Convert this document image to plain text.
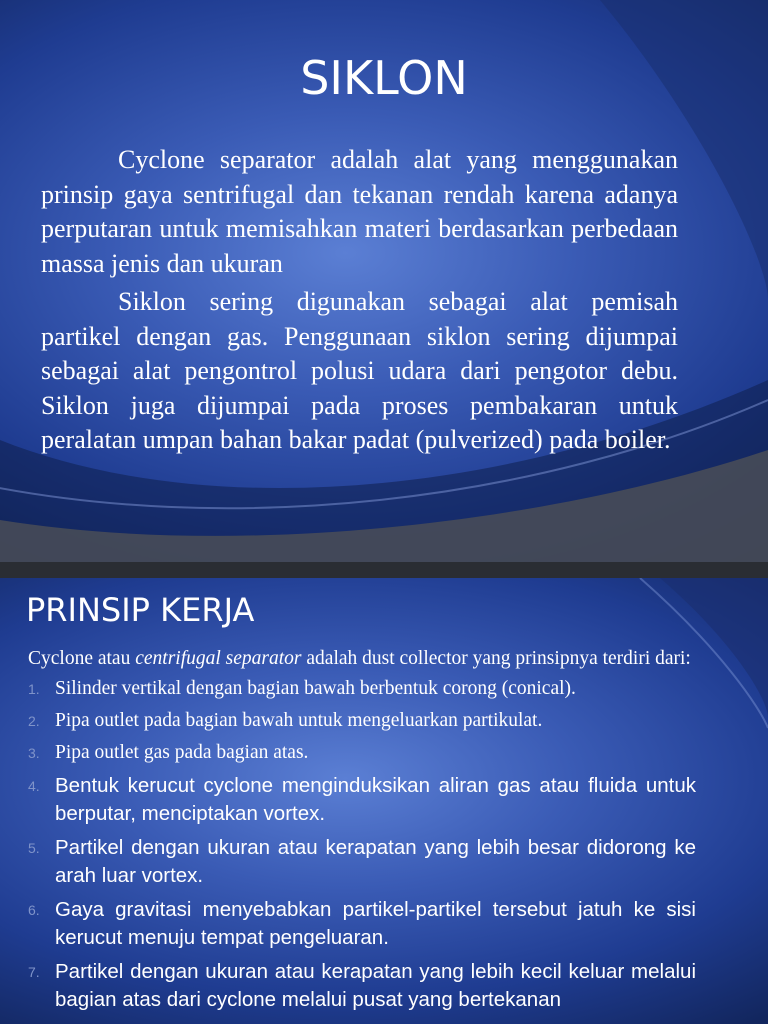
SIKLON

Cyclone separator adalah alat yang menggunakan prinsip gaya sentrifugal dan tekanan rendah karena adanya perputaran untuk memisahkan materi berdasarkan perbedaan massa jenis dan ukuran

Siklon sering digunakan sebagai alat pemisah partikel dengan gas. Penggunaan siklon sering dijumpai sebagai alat pengontrol polusi udara dari pengotor debu. Siklon juga dijumpai pada proses pembakaran untuk peralatan umpan bahan bakar padat (pulverized) pada boiler.

PRINSIP KERJA

Cyclone atau centrifugal separator adalah dust collector yang prinsipnya terdiri dari:

1. Silinder vertikal dengan bagian bawah berbentuk corong (conical).
2. Pipa outlet pada bagian bawah untuk mengeluarkan partikulat.
3. Pipa outlet gas pada bagian atas.
4. Bentuk kerucut cyclone menginduksikan aliran gas atau fluida untuk berputar, menciptakan vortex.
5. Partikel dengan ukuran atau kerapatan yang lebih besar didorong ke arah luar vortex.
6. Gaya gravitasi menyebabkan partikel-partikel tersebut jatuh ke sisi kerucut menuju tempat pengeluaran.
7. Partikel dengan ukuran atau kerapatan yang lebih kecil keluar melalui bagian atas dari cyclone melalui pusat yang bertekanan
